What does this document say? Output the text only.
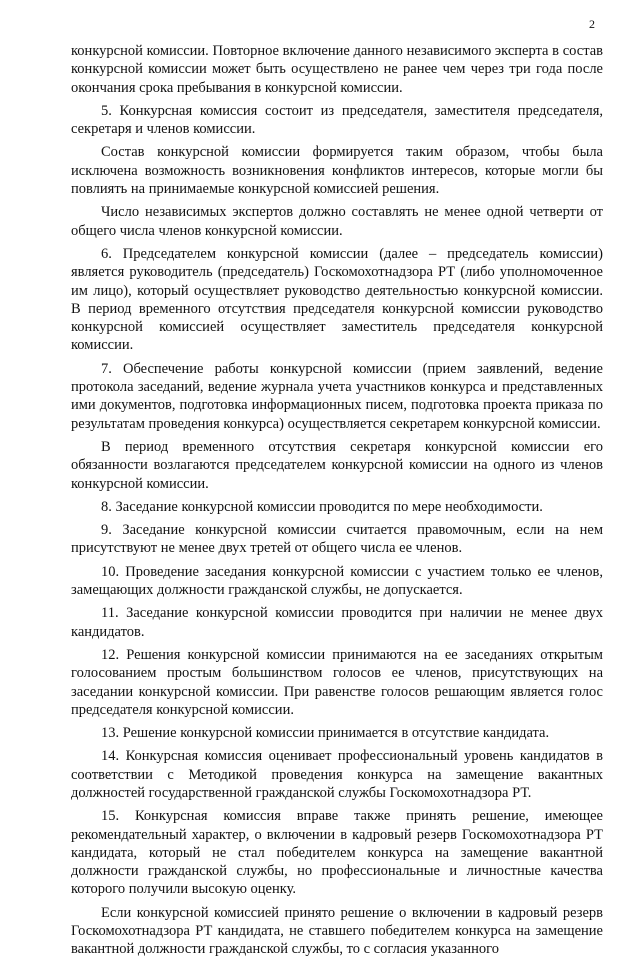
2

конкурсной комиссии. Повторное включение данного независимого эксперта в состав конкурсной комиссии может быть осуществлено не ранее чем через три года после окончания срока пребывания в конкурсной комиссии.

5. Конкурсная комиссия состоит из председателя, заместителя председателя, секретаря и членов комиссии.

Состав конкурсной комиссии формируется таким образом, чтобы была исключена возможность возникновения конфликтов интересов, которые могли бы повлиять на принимаемые конкурсной комиссией решения.

Число независимых экспертов должно составлять не менее одной четверти от общего числа членов конкурсной комиссии.

6. Председателем конкурсной комиссии (далее – председатель комиссии) является руководитель (председатель) Госкомохотнадзора РТ (либо уполномоченное им лицо), который осуществляет руководство деятельностью конкурсной комиссии. В период временного отсутствия председателя конкурсной комиссии руководство конкурсной комиссией осуществляет заместитель председателя конкурсной комиссии.

7. Обеспечение работы конкурсной комиссии (прием заявлений, ведение протокола заседаний, ведение журнала учета участников конкурса и представленных ими документов, подготовка информационных писем, подготовка проекта приказа по результатам проведения конкурса) осуществляется секретарем конкурсной комиссии.

В период временного отсутствия секретаря конкурсной комиссии его обязанности возлагаются председателем конкурсной комиссии на одного из членов конкурсной комиссии.

8. Заседание конкурсной комиссии проводится по мере необходимости.

9. Заседание конкурсной комиссии считается правомочным, если на нем присутствуют не менее двух третей от общего числа ее членов.

10. Проведение заседания конкурсной комиссии с участием только ее членов, замещающих должности гражданской службы, не допускается.

11. Заседание конкурсной комиссии проводится при наличии не менее двух кандидатов.

12. Решения конкурсной комиссии принимаются на ее заседаниях открытым голосованием простым большинством голосов ее членов, присутствующих на заседании конкурсной комиссии. При равенстве голосов решающим является голос председателя конкурсной комиссии.

13. Решение конкурсной комиссии принимается в отсутствие кандидата.

14. Конкурсная комиссия оценивает профессиональный уровень кандидатов в соответствии с Методикой проведения конкурса на замещение вакантных должностей государственной гражданской службы Госкомохотнадзора РТ.

15. Конкурсная комиссия вправе также принять решение, имеющее рекомендательный характер, о включении в кадровый резерв Госкомохотнадзора РТ кандидата, который не стал победителем конкурса на замещение вакантной должности гражданской службы, но профессиональные и личностные качества которого получили высокую оценку.

Если конкурсной комиссией принято решение о включении в кадровый резерв Госкомохотнадзора РТ кандидата, не ставшего победителем конкурса на замещение вакантной должности гражданской службы, то с согласия указанного
